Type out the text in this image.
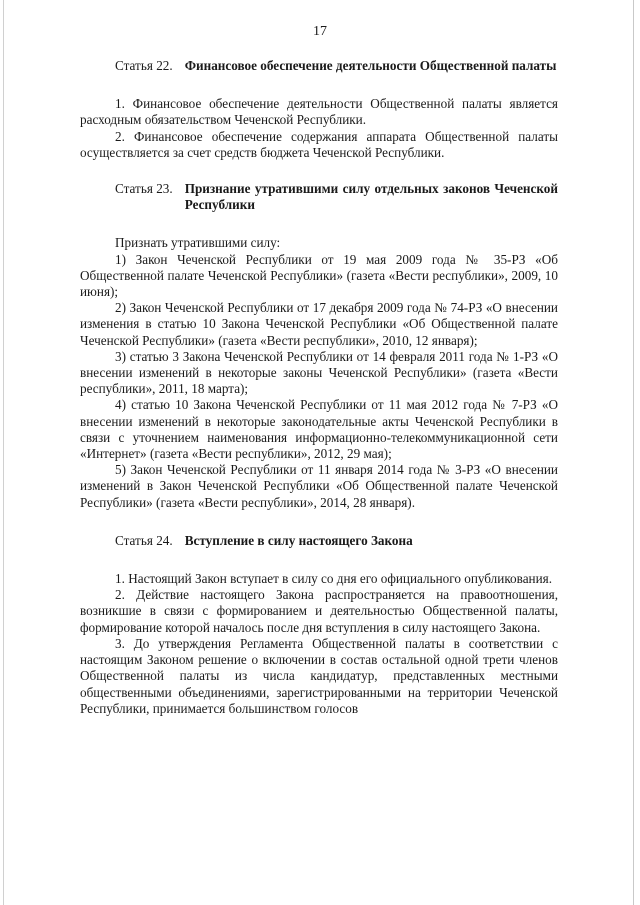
17
Статья 22. Финансовое обеспечение деятельности Общественной палаты

1. Финансовое обеспечение деятельности Общественной палаты является расходным обязательством Чеченской Республики.

2. Финансовое обеспечение содержания аппарата Общественной палаты осуществляется за счет средств бюджета Чеченской Республики.

Статья 23. Признание утратившими силу отдельных законов Чеченской Республики

Признать утратившими силу:

1) Закон Чеченской Республики от 19 мая 2009 года № 35-РЗ «Об Общественной палате Чеченской Республики» (газета «Вести республики», 2009, 10 июня);

2) Закон Чеченской Республики от 17 декабря 2009 года № 74-РЗ «О внесении изменения в статью 10 Закона Чеченской Республики «Об Общественной палате Чеченской Республики» (газета «Вести республики», 2010, 12 января);

3) статью 3 Закона Чеченской Республики от 14 февраля 2011 года № 1-РЗ «О внесении изменений в некоторые законы Чеченской Республики» (газета «Вести республики», 2011, 18 марта);

4) статью 10 Закона Чеченской Республики от 11 мая 2012 года № 7-РЗ «О внесении изменений в некоторые законодательные акты Чеченской Республики в связи с уточнением наименования информационно-телекоммуникационной сети «Интернет» (газета «Вести республики», 2012, 29 мая);

5) Закон Чеченской Республики от 11 января 2014 года № 3-РЗ «О внесении изменений в Закон Чеченской Республики «Об Общественной палате Чеченской Республики» (газета «Вести республики», 2014, 28 января).

Статья 24. Вступление в силу настоящего Закона

1. Настоящий Закон вступает в силу со дня его официального опубликования.

2. Действие настоящего Закона распространяется на правоотношения, возникшие в связи с формированием и деятельностью Общественной палаты, формирование которой началось после дня вступления в силу настоящего Закона.

3. До утверждения Регламента Общественной палаты в соответствии с настоящим Законом решение о включении в состав остальной одной трети членов Общественной палаты из числа кандидатур, представленных местными общественными объединениями, зарегистрированными на территории Чеченской Республики, принимается большинством голосов
